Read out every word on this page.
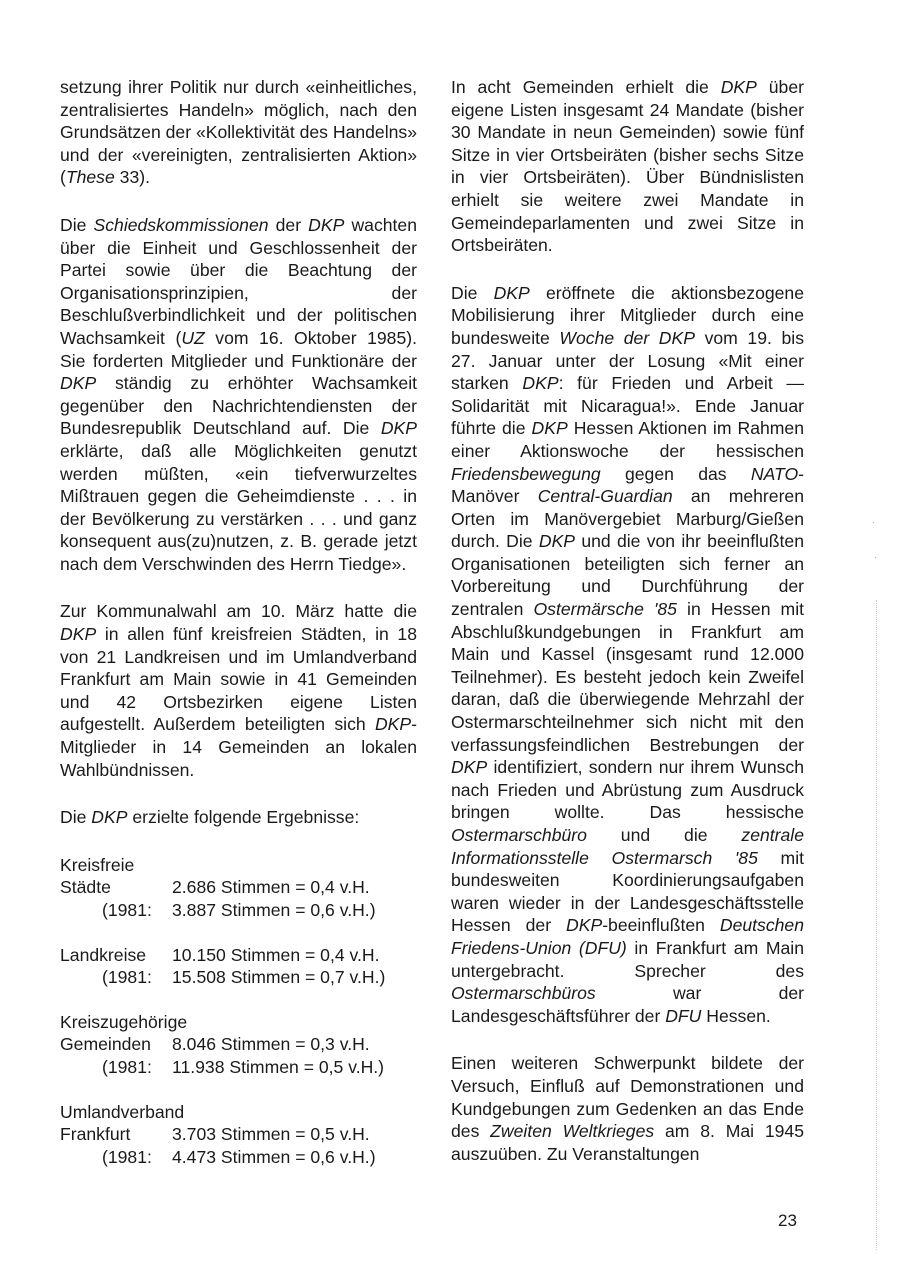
setzung ihrer Politik nur durch «einheitliches, zentralisiertes Handeln» möglich, nach den Grundsätzen der «Kollektivität des Handelns» und der «vereinigten, zentralisierten Aktion» (These 33).

Die Schiedskommissionen der DKP wachten über die Einheit und Geschlossenheit der Partei sowie über die Beachtung der Organisationsprinzipien, der Beschlußverbindlichkeit und der politischen Wachsamkeit (UZ vom 16. Oktober 1985). Sie forderten Mitglieder und Funktionäre der DKP ständig zu erhöhter Wachsamkeit gegenüber den Nachrichtendiensten der Bundesrepublik Deutschland auf. Die DKP erklärte, daß alle Möglichkeiten genutzt werden müßten, «ein tiefverwurzeltes Mißtrauen gegen die Geheimdienste . . . in der Bevölkerung zu verstärken . . . und ganz konsequent aus(zu)nutzen, z. B. gerade jetzt nach dem Verschwinden des Herrn Tiedge».

Zur Kommunalwahl am 10. März hatte die DKP in allen fünf kreisfreien Städten, in 18 von 21 Landkreisen und im Umlandverband Frankfurt am Main sowie in 41 Gemeinden und 42 Ortsbezirken eigene Listen aufgestellt. Außerdem beteiligten sich DKP-Mitglieder in 14 Gemeinden an lokalen Wahlbündnissen.

Die DKP erzielte folgende Ergebnisse:

Kreisfreie
Städte	2.686 Stimmen = 0,4 v.H.
(1981:	3.887 Stimmen = 0,6 v.H.)
Landkreise	10.150 Stimmen = 0,4 v.H.
(1981:	15.508 Stimmen = 0,7 v.H.)
Kreiszugehörige
Gemeinden	8.046 Stimmen = 0,3 v.H.
(1981:	11.938 Stimmen = 0,5 v.H.)
Umlandverband
Frankfurt	3.703 Stimmen = 0,5 v.H.
(1981:	4.473 Stimmen = 0,6 v.H.)

In acht Gemeinden erhielt die DKP über eigene Listen insgesamt 24 Mandate (bisher 30 Mandate in neun Gemeinden) sowie fünf Sitze in vier Ortsbeiräten (bisher sechs Sitze in vier Ortsbeiräten). Über Bündnislisten erhielt sie weitere zwei Mandate in Gemeindeparlamenten und zwei Sitze in Ortsbeiräten.

Die DKP eröffnete die aktionsbezogene Mobilisierung ihrer Mitglieder durch eine bundesweite Woche der DKP vom 19. bis 27. Januar unter der Losung «Mit einer starken DKP: für Frieden und Arbeit — Solidarität mit Nicaragua!». Ende Januar führte die DKP Hessen Aktionen im Rahmen einer Aktionswoche der hessischen Friedensbewegung gegen das NATO-Manöver Central-Guardian an mehreren Orten im Manövergebiet Marburg/Gießen durch. Die DKP und die von ihr beeinflußten Organisationen beteiligten sich ferner an Vorbereitung und Durchführung der zentralen Ostermärsche '85 in Hessen mit Abschlußkundgebungen in Frankfurt am Main und Kassel (insgesamt rund 12.000 Teilnehmer). Es besteht jedoch kein Zweifel daran, daß die überwiegende Mehrzahl der Ostermarschteilnehmer sich nicht mit den verfassungsfeindlichen Bestrebungen der DKP identifiziert, sondern nur ihrem Wunsch nach Frieden und Abrüstung zum Ausdruck bringen wollte. Das hessische Ostermarschbüro und die zentrale Informationsstelle Ostermarsch '85 mit bundesweiten Koordinierungsaufgaben waren wieder in der Landesgeschäftsstelle Hessen der DKP-beeinflußten Deutschen Friedens-Union (DFU) in Frankfurt am Main untergebracht. Sprecher des Ostermarschbüros war der Landesgeschäftsführer der DFU Hessen.

Einen weiteren Schwerpunkt bildete der Versuch, Einfluß auf Demonstrationen und Kundgebungen zum Gedenken an das Ende des Zweiten Weltkrieges am 8. Mai 1945 auszuüben. Zu Veranstaltungen

23
·
·
